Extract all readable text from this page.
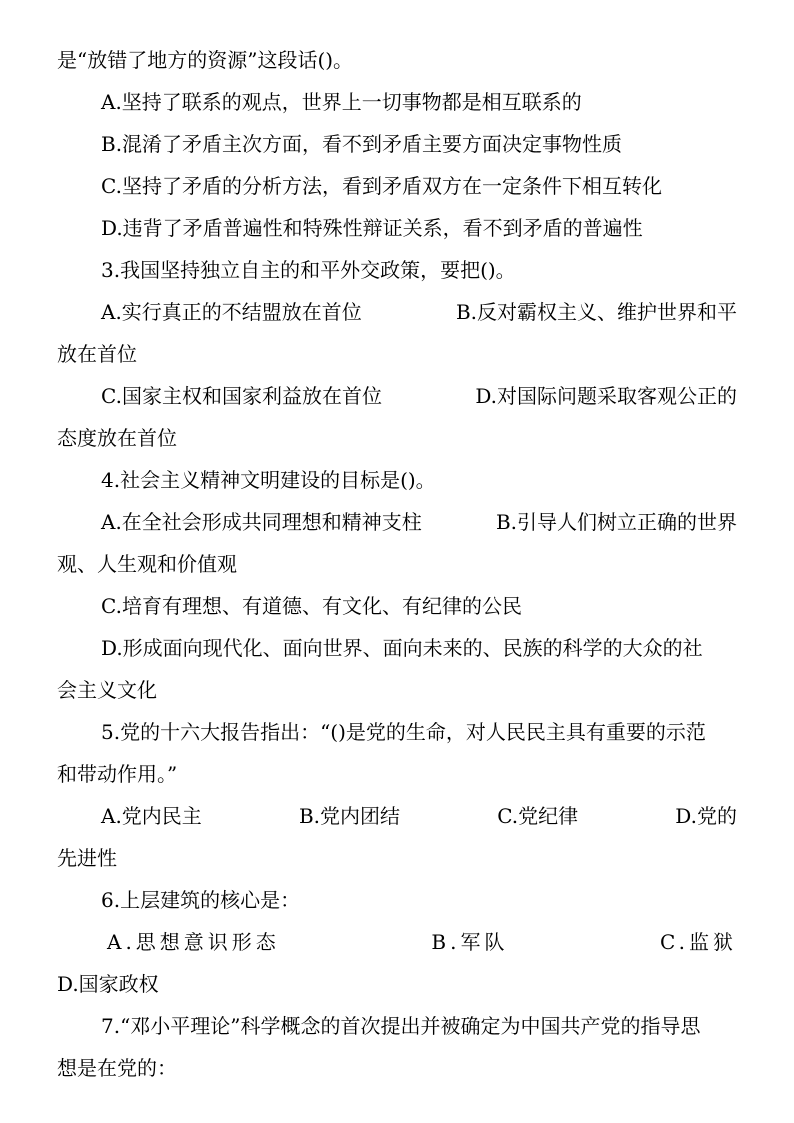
是“放错了地方的资源”这段话()。
A.坚持了联系的观点，世界上一切事物都是相互联系的
B.混淆了矛盾主次方面，看不到矛盾主要方面决定事物性质
C.坚持了矛盾的分析方法，看到矛盾双方在一定条件下相互转化
D.违背了矛盾普遍性和特殊性辩证关系，看不到矛盾的普遍性
3.我国坚持独立自主的和平外交政策，要把()。
A.实行真正的不结盟放在首位	B.反对霸权主义、维护世界和平
放在首位
C.国家主权和国家利益放在首位	D.对国际问题采取客观公正的
态度放在首位
4.社会主义精神文明建设的目标是()。
A.在全社会形成共同理想和精神支柱	B.引导人们树立正确的世界
观、人生观和价值观
C.培育有理想、有道德、有文化、有纪律的公民
D.形成面向现代化、面向世界、面向未来的、民族的科学的大众的社
会主义文化
5.党的十六大报告指出：“()是党的生命，对人民民主具有重要的示范
和带动作用。”
A.党内民主	B.党内团结	C.党纪律	D.党的
先进性
6.上层建筑的核心是：
A.思想意识形态	B.军队	C.监狱
D.国家政权
7.“邓小平理论”科学概念的首次提出并被确定为中国共产党的指导思
想是在党的：
